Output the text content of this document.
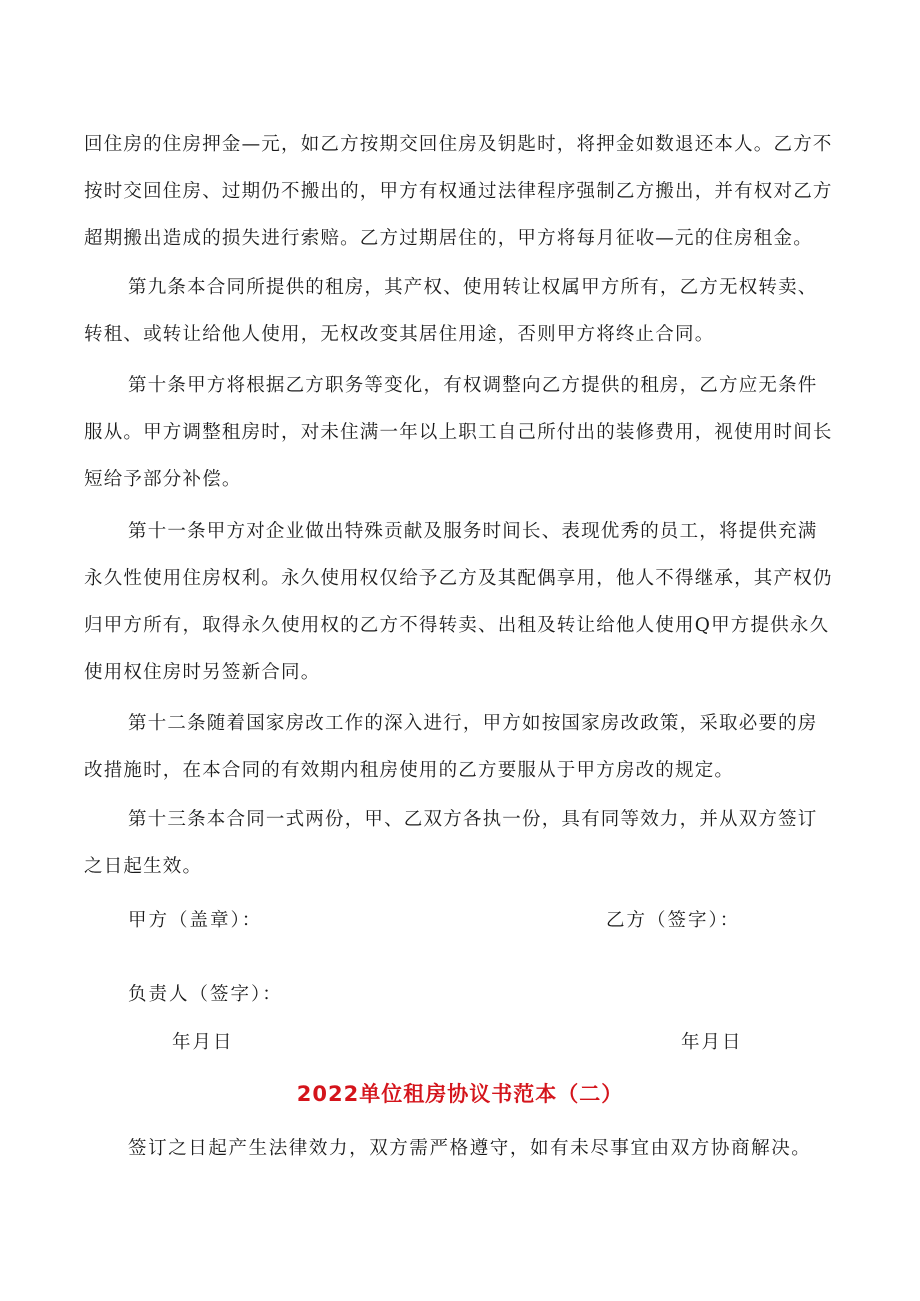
回住房的住房押金—元，如乙方按期交回住房及钥匙时，将押金如数退还本人。乙方不
按时交回住房、过期仍不搬出的，甲方有权通过法律程序强制乙方搬出，并有权对乙方
超期搬出造成的损失进行索赔。乙方过期居住的，甲方将每月征收—元的住房租金。

第九条本合同所提供的租房，其产权、使用转让权属甲方所有，乙方无权转卖、
转租、或转让给他人使用，无权改变其居住用途，否则甲方将终止合同。

第十条甲方将根据乙方职务等变化，有权调整向乙方提供的租房，乙方应无条件
服从。甲方调整租房时，对未住满一年以上职工自己所付出的装修费用，视使用时间长
短给予部分补偿。

第十一条甲方对企业做出特殊贡献及服务时间长、表现优秀的员工，将提供充满
永久性使用住房权利。永久使用权仅给予乙方及其配偶享用，他人不得继承，其产权仍
归甲方所有，取得永久使用权的乙方不得转卖、出租及转让给他人使用Q甲方提供永久
使用权住房时另签新合同。

第十二条随着国家房改工作的深入进行，甲方如按国家房改政策，采取必要的房
改措施时，在本合同的有效期内租房使用的乙方要服从于甲方房改的规定。

第十三条本合同一式两份，甲、乙双方各执一份，具有同等效力，并从双方签订
之日起生效。

甲方（盖章）：	乙方（签字）：

负责人（签字）：

年月日	年月日

2022单位租房协议书范本（二）

签订之日起产生法律效力，双方需严格遵守，如有未尽事宜由双方协商解决。
